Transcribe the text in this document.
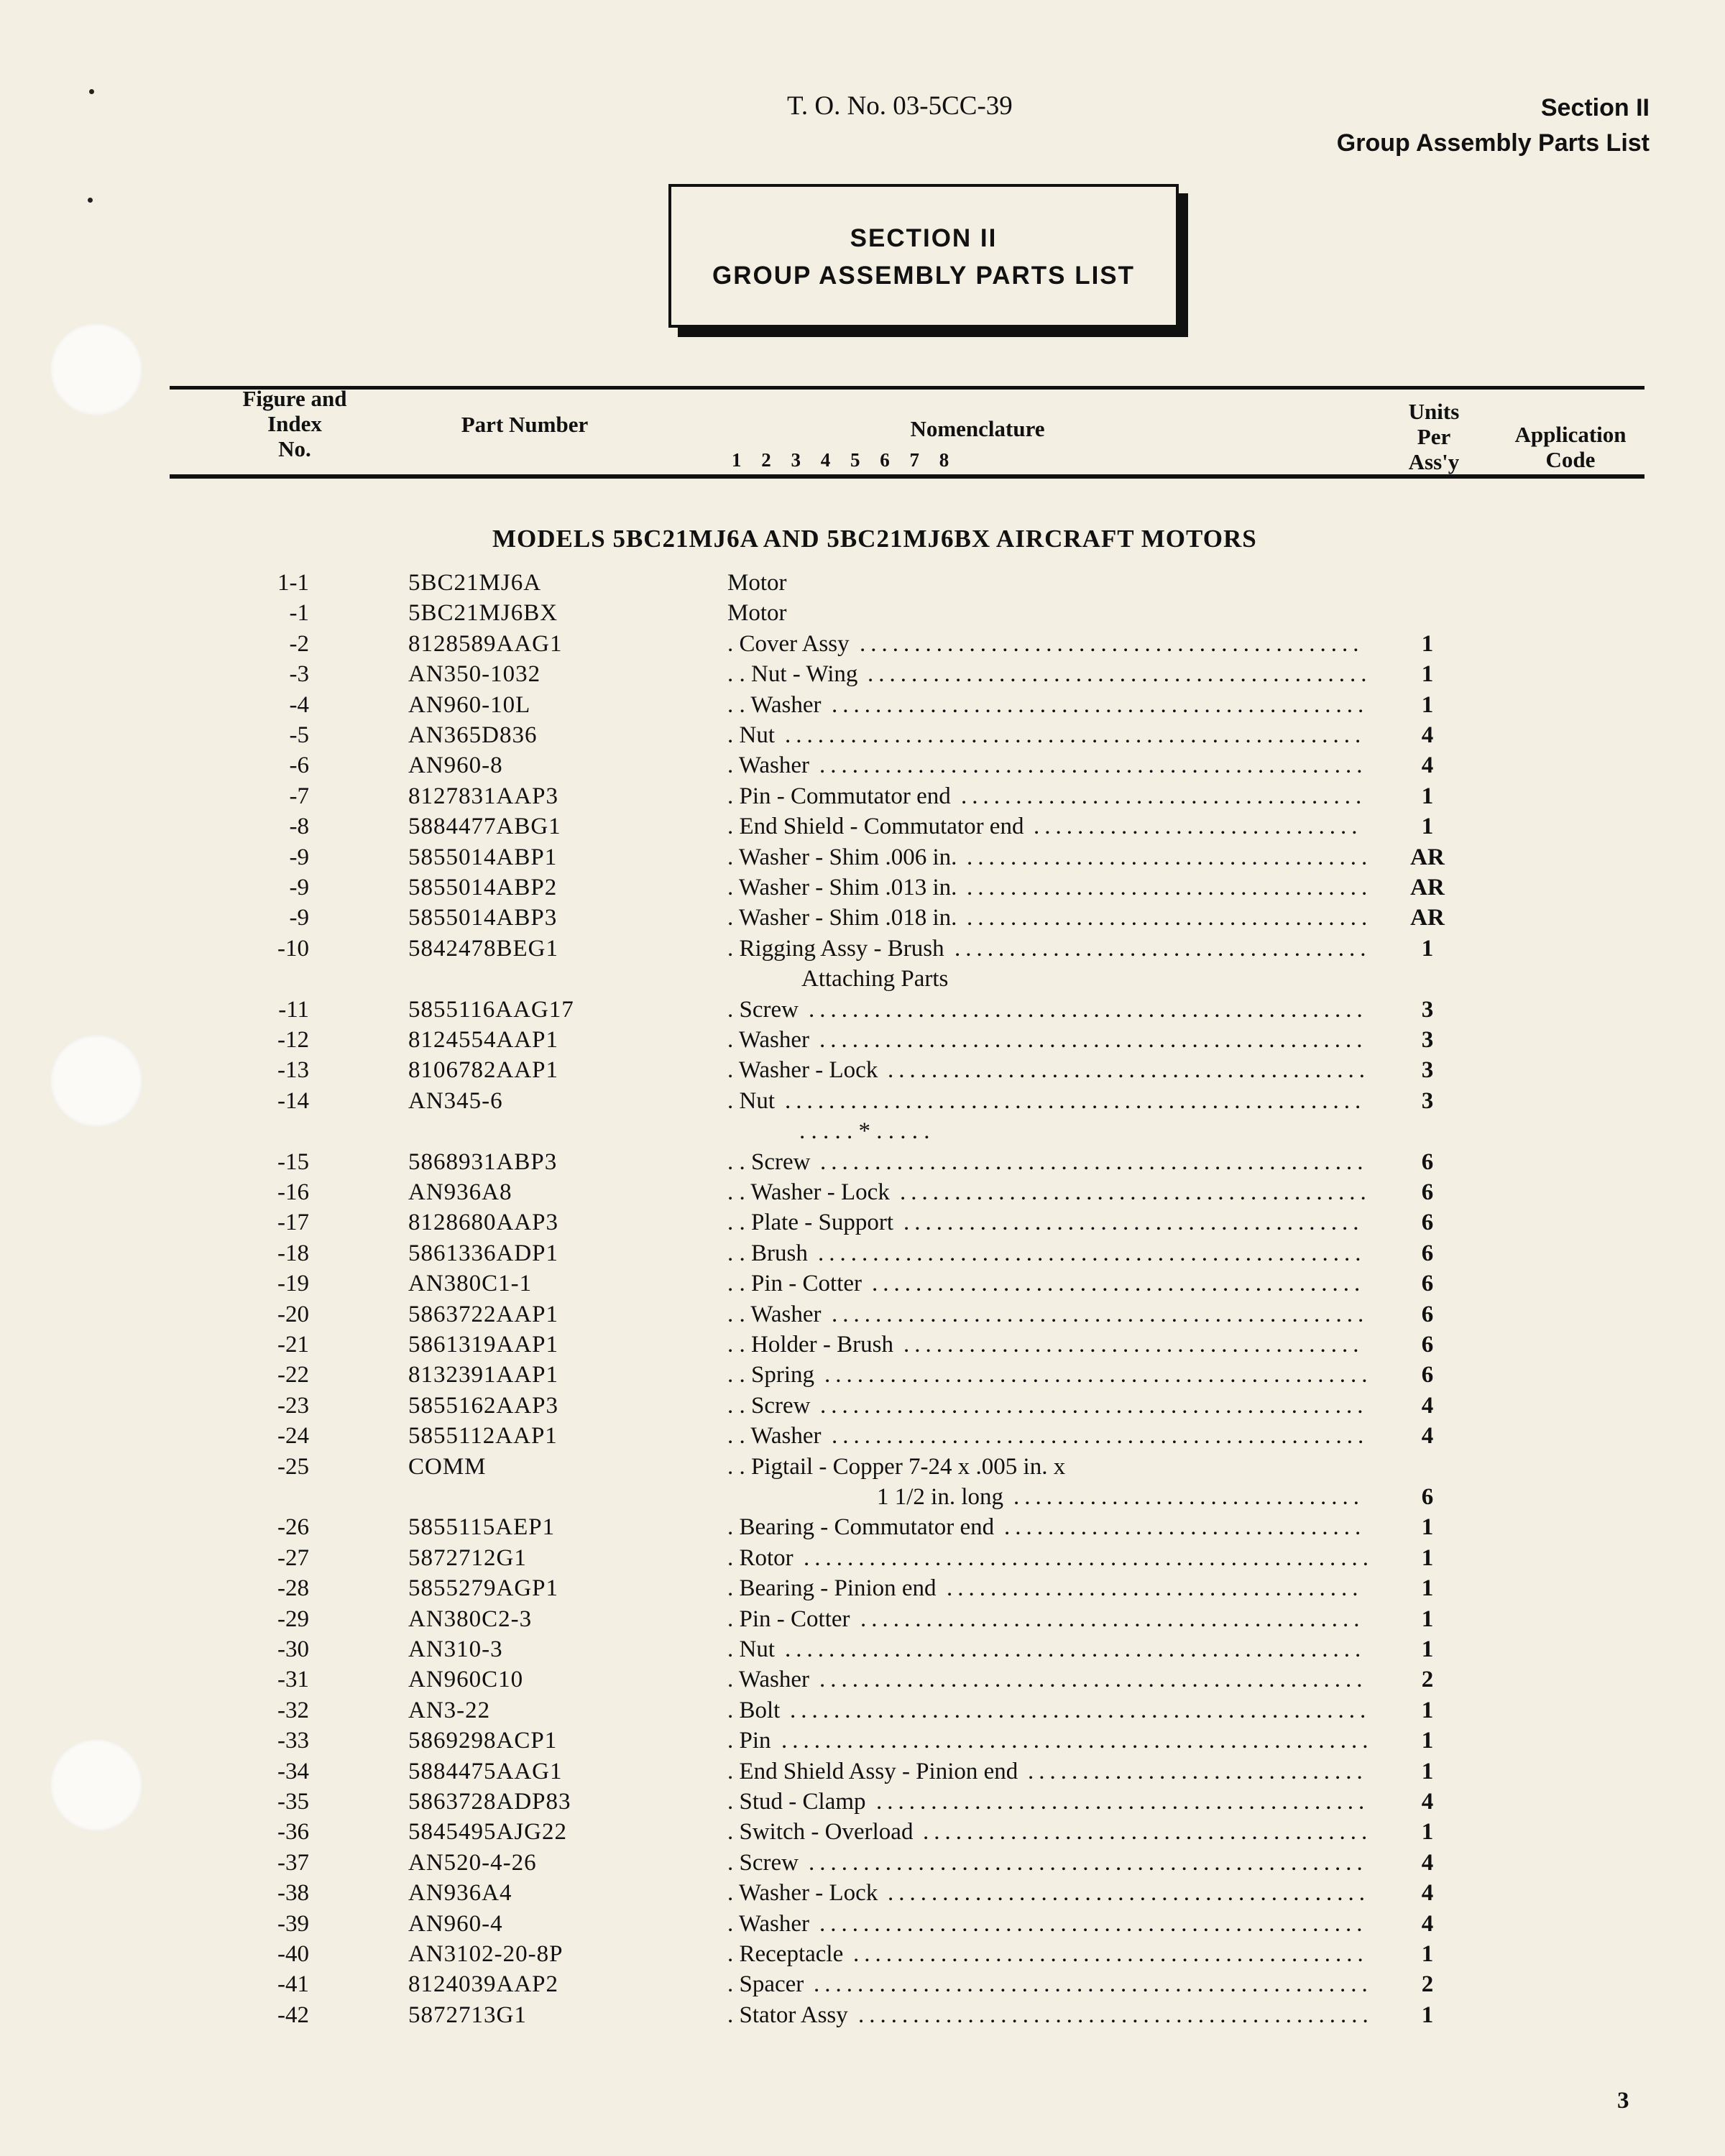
T. O. No. 03-5CC-39	Section II
Group Assembly Parts List
SECTION II
GROUP ASSEMBLY PARTS LIST
Figure and
Index
No.
Part Number	Nomenclature
1 2 3 4 5 6 7 8
Units
Per
Ass'y
Application
Code
MODELS 5BC21MJ6A AND 5BC21MJ6BX AIRCRAFT MOTORS
1-1	5BC21MJ6A	Motor
-1	5BC21MJ6BX	Motor
-2	8128589AAG1	. Cover Assy ..............................................	1
-3	AN350-1032	. . Nut - Wing ..............................................	1
-4	AN960-10L	. . Washer .................................................	1
-5	AN365D836	. Nut .....................................................	4
-6	AN960-8	. Washer ..................................................	4
-7	8127831AAP3	. Pin - Commutator end .....................................	1
-8	5884477ABG1	. End Shield - Commutator end ..............................	1
-9	5855014ABP1	. Washer - Shim .006 in. .....................................	AR
-9	5855014ABP2	. Washer - Shim .013 in. .....................................	AR
-9	5855014ABP3	. Washer - Shim .018 in. .....................................	AR
-10	5842478BEG1	. Rigging Assy - Brush ......................................	1
Attaching Parts
-11	5855116AAG17	. Screw ...................................................	3
-12	8124554AAP1	. Washer ..................................................	3
-13	8106782AAP1	. Washer - Lock ............................................	3
-14	AN345-6	. Nut .....................................................	3
. . . . . * . . . . .
-15	5868931ABP3	. . Screw ..................................................	6
-16	AN936A8	. . Washer - Lock ...........................................	6
-17	8128680AAP3	. . Plate - Support ..........................................	6
-18	5861336ADP1	. . Brush ..................................................	6
-19	AN380C1-1	. . Pin - Cotter .............................................	6
-20	5863722AAP1	. . Washer .................................................	6
-21	5861319AAP1	. . Holder - Brush ..........................................	6
-22	8132391AAP1	. . Spring ..................................................	6
-23	5855162AAP3	. . Screw ..................................................	4
-24	5855112AAP1	. . Washer .................................................	4
-25	COMM	. . Pigtail - Copper 7-24 x .005 in. x
1 1/2 in. long ................................	6
-26	5855115AEP1	. Bearing - Commutator end .................................	1
-27	5872712G1	. Rotor ....................................................	1
-28	5855279AGP1	. Bearing - Pinion end ......................................	1
-29	AN380C2-3	. Pin - Cotter ..............................................	1
-30	AN310-3	. Nut .....................................................	1
-31	AN960C10	. Washer ..................................................	2
-32	AN3-22	. Bolt .....................................................	1
-33	5869298ACP1	. Pin ......................................................	1
-34	5884475AAG1	. End Shield Assy - Pinion end ...............................	1
-35	5863728ADP83	. Stud - Clamp .............................................	4
-36	5845495AJG22	. Switch - Overload .........................................	1
-37	AN520-4-26	. Screw ...................................................	4
-38	AN936A4	. Washer - Lock ............................................	4
-39	AN960-4	. Washer ..................................................	4
-40	AN3102-20-8P	. Receptacle ...............................................	1
-41	8124039AAP2	. Spacer ...................................................	2
-42	5872713G1	. Stator Assy ...............................................	1
3
